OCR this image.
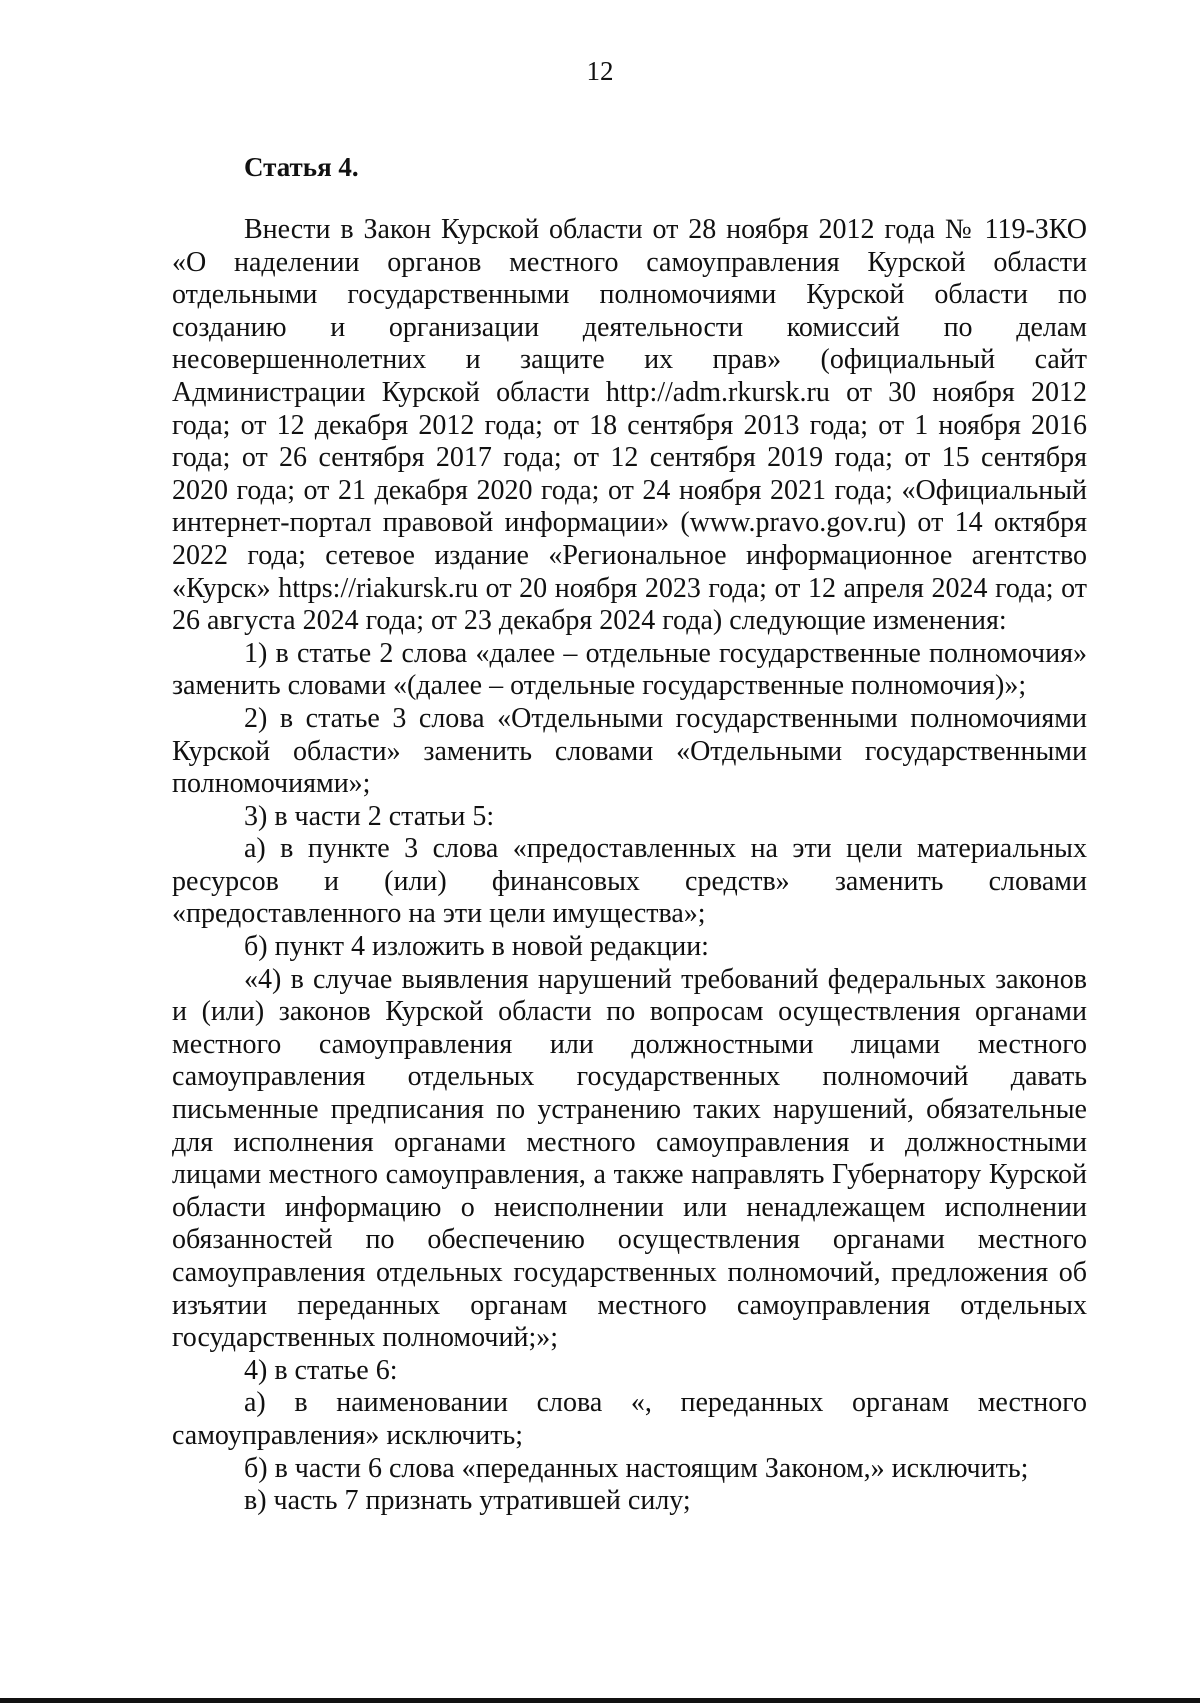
12
Статья 4.

Внести в Закон Курской области от 28 ноября 2012 года № 119-ЗКО «О наделении органов местного самоуправления Курской области отдельными государственными полномочиями Курской области по созданию и организации деятельности комиссий по делам несовершеннолетних и защите их прав» (официальный сайт Администрации Курской области http://adm.rkursk.ru от 30 ноября 2012 года; от 12 декабря 2012 года; от 18 сентября 2013 года; от 1 ноября 2016 года; от 26 сентября 2017 года; от 12 сентября 2019 года; от 15 сентября 2020 года; от 21 декабря 2020 года; от 24 ноября 2021 года; «Официальный интернет-портал правовой информации» (www.pravo.gov.ru) от 14 октября 2022 года; сетевое издание «Региональное информационное агентство «Курск» https://riakursk.ru от 20 ноября 2023 года; от 12 апреля 2024 года; от 26 августа 2024 года; от 23 декабря 2024 года) следующие изменения:

1) в статье 2 слова «далее – отдельные государственные полномочия» заменить словами «(далее – отдельные государственные полномочия)»;

2) в статье 3 слова «Отдельными государственными полномочиями Курской области» заменить словами «Отдельными государственными полномочиями»;

3) в части 2 статьи 5:

а) в пункте 3 слова «предоставленных на эти цели материальных ресурсов и (или) финансовых средств» заменить словами «предоставленного на эти цели имущества»;

б) пункт 4 изложить в новой редакции:

«4) в случае выявления нарушений требований федеральных законов и (или) законов Курской области по вопросам осуществления органами местного самоуправления или должностными лицами местного самоуправления отдельных государственных полномочий давать письменные предписания по устранению таких нарушений, обязательные для исполнения органами местного самоуправления и должностными лицами местного самоуправления, а также направлять Губернатору Курской области информацию о неисполнении или ненадлежащем исполнении обязанностей по обеспечению осуществления органами местного самоуправления отдельных государственных полномочий, предложения об изъятии переданных органам местного самоуправления отдельных государственных полномочий;»;

4) в статье 6:

а) в наименовании слова «, переданных органам местного самоуправления» исключить;

б) в части 6 слова «переданных настоящим Законом,» исключить;

в) часть 7 признать утратившей силу;
